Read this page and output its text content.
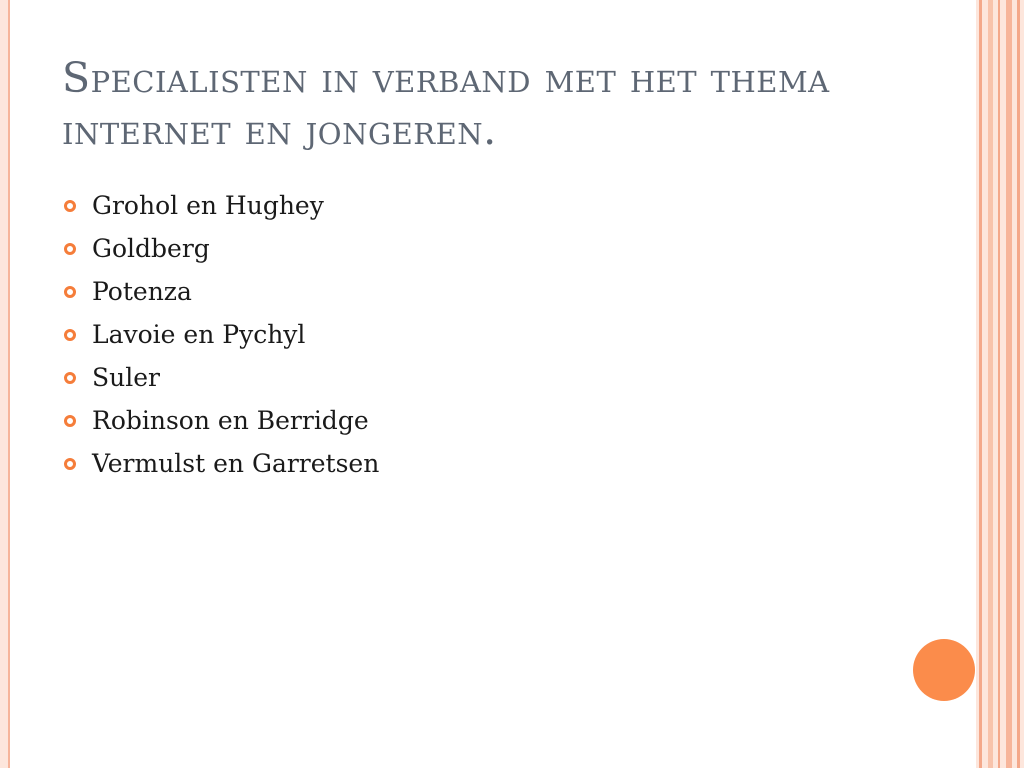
Specialisten in verband met het thema internet en jongeren.
Grohol en Hughey
Goldberg
Potenza
Lavoie en Pychyl
Suler
Robinson en Berridge
Vermulst en Garretsen
